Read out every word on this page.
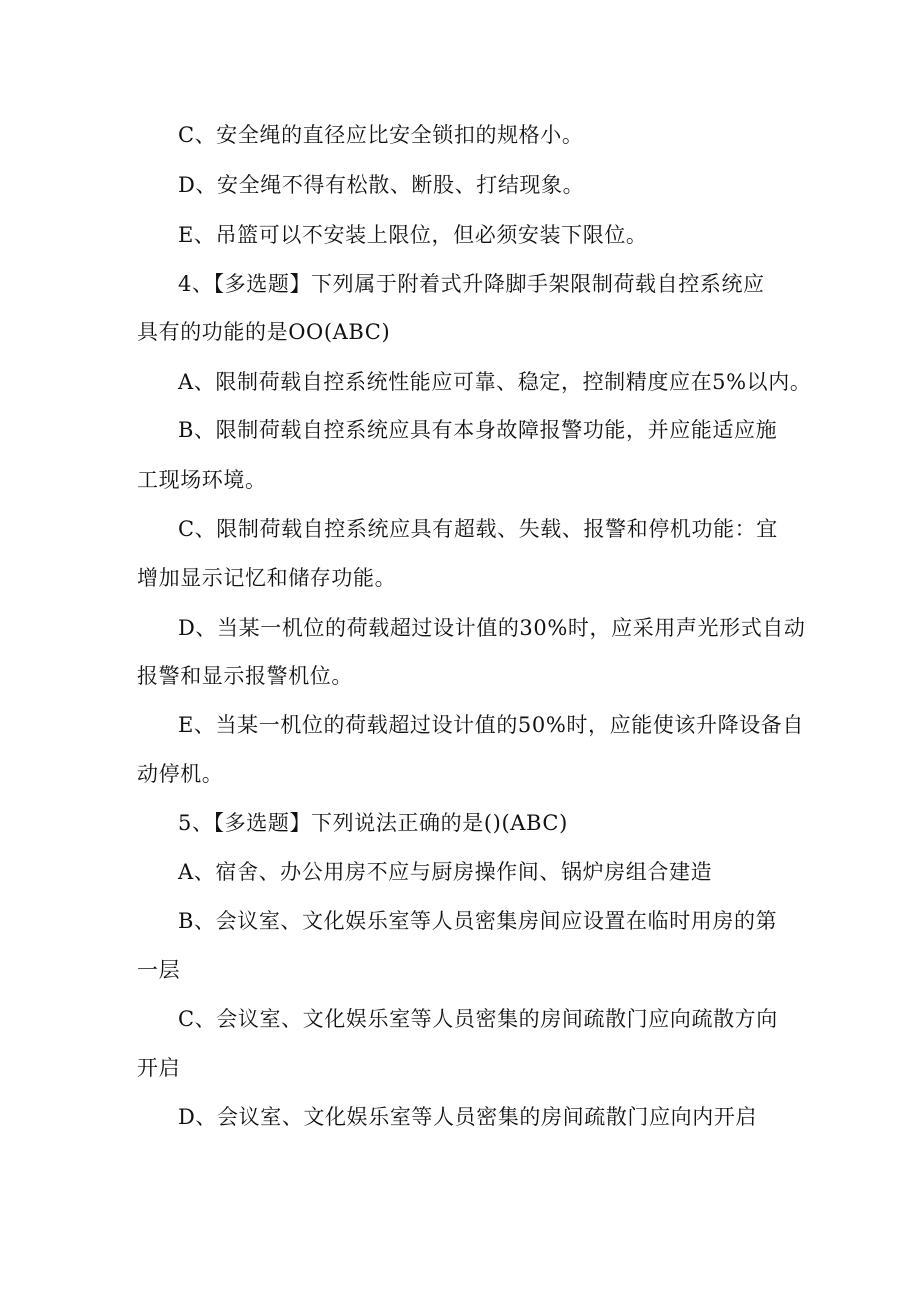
C、安全绳的直径应比安全锁扣的规格小。
D、安全绳不得有松散、断股、打结现象。
E、吊篮可以不安装上限位，但必须安装下限位。
4、【多选题】下列属于附着式升降脚手架限制荷载自控系统应
具有的功能的是OO(ABC)
A、限制荷载自控系统性能应可靠、稳定，控制精度应在5%以内。
B、限制荷载自控系统应具有本身故障报警功能，并应能适应施
工现场环境。
C、限制荷载自控系统应具有超载、失载、报警和停机功能：宜
增加显示记忆和储存功能。
D、当某一机位的荷载超过设计值的30%时，应采用声光形式自动
报警和显示报警机位。
E、当某一机位的荷载超过设计值的50%时，应能使该升降设备自
动停机。
5、【多选题】下列说法正确的是()(ABC)
A、宿舍、办公用房不应与厨房操作间、锅炉房组合建造
B、会议室、文化娱乐室等人员密集房间应设置在临时用房的第
一层
C、会议室、文化娱乐室等人员密集的房间疏散门应向疏散方向
开启
D、会议室、文化娱乐室等人员密集的房间疏散门应向内开启
